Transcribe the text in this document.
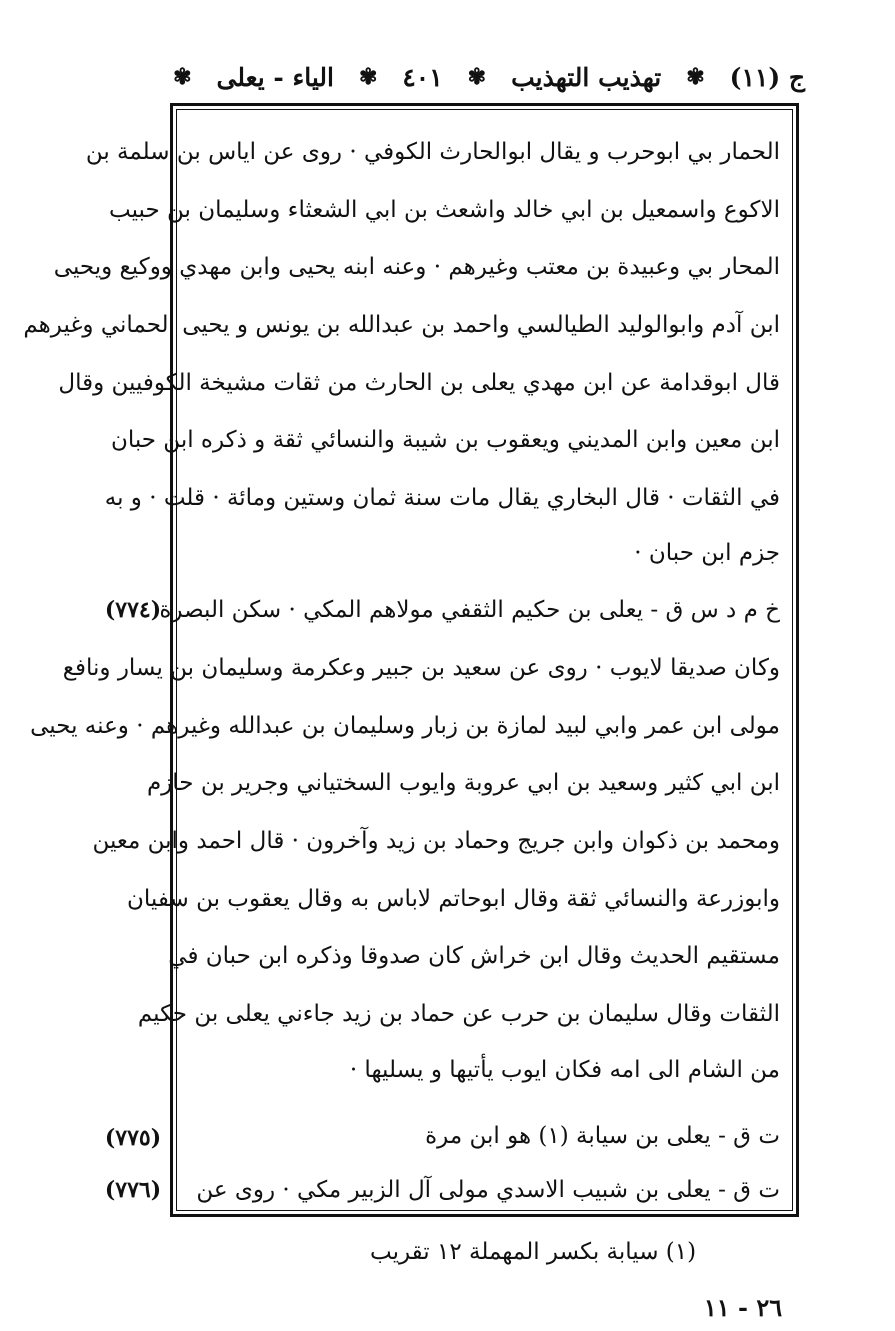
ج (١١)
✾
تهذيب التهذيب
✾
٤٠١
✾
الياء - يعلى
✾
الحمار بي ابوحرب و يقال ابوالحارث الكوفي · روى عن اياس بن سلمة بن
الاكوع واسمعيل بن ابي خالد واشعث بن ابي الشعثاء وسليمان بن حبيب
المحار بي وعبيدة بن معتب وغيرهم · وعنه ابنه يحيى وابن مهدي ووكيع ويحيى
ابن آدم وابوالوليد الطيالسي واحمد بن عبدالله بن يونس و يحيى الحماني وغيرهم
قال ابوقدامة عن ابن مهدي يعلى بن الحارث من ثقات مشيخة الكوفيين وقال
ابن معين وابن المديني ويعقوب بن شيبة والنسائي ثقة و ذكره ابن حبان
في الثقات · قال البخاري يقال مات سنة ثمان وستين ومائة · قلت · و به
جزم ابن حبان ·
خ م د س ق - يعلى بن حكيم الثقفي مولاهم المكي · سكن البصرة
وكان صديقا لايوب · روى عن سعيد بن جبير وعكرمة وسليمان بن يسار ونافع
مولى ابن عمر وابي لبيد لمازة بن زبار وسليمان بن عبدالله وغيرهم · وعنه يحيى
ابن ابي كثير وسعيد بن ابي عروبة وايوب السختياني وجرير بن حازم
ومحمد بن ذكوان وابن جريج وحماد بن زيد وآخرون · قال احمد وابن معين
وابوزرعة والنسائي ثقة وقال ابوحاتم لاباس به وقال يعقوب بن سفيان
مستقيم الحديث وقال ابن خراش كان صدوقا وذكره ابن حبان في
الثقات وقال سليمان بن حرب عن حماد بن زيد جاءني يعلى بن حكيم
من الشام الى امه فكان ايوب يأتيها و يسليها ·
ت ق - يعلى بن سيابة (١) هو ابن مرة
ت ق - يعلى بن شبيب الاسدي مولى آل الزبير مكي · روى عن
(٧٧٤)
(٧٧٥)
(٧٧٦)
(١) سيابة بكسر المهملة ١٢ تقريب
٢٦ - ١١
